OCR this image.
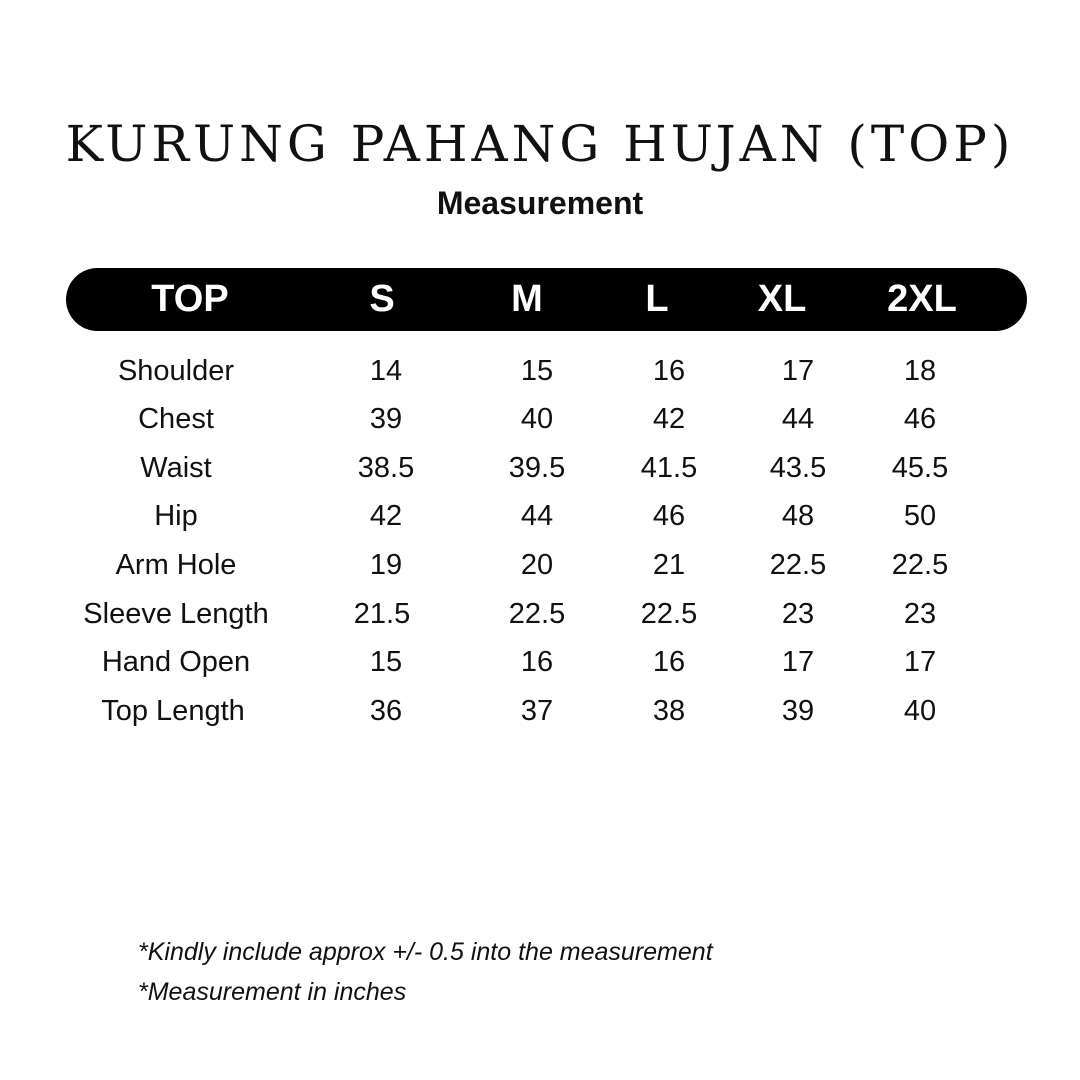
KURUNG PAHANG HUJAN (TOP)
Measurement
TOP	S	M	L XL 2XL
Shoulder	14	15	16	17	18
Chest	39	40	42	44	46
Waist	38.5	39.5	41.5	43.5 45.5
Hip	42	44	46	48	50
Arm Hole	19	20	21	22.5 22.5
Sleeve Length	21.5	22.5	22.5	23	23
Hand Open	15	16	16	17	17
Top Length	36	37	38	39	40
*Kindly include approx +/- 0.5 into the measurement
*Measurement in inches
